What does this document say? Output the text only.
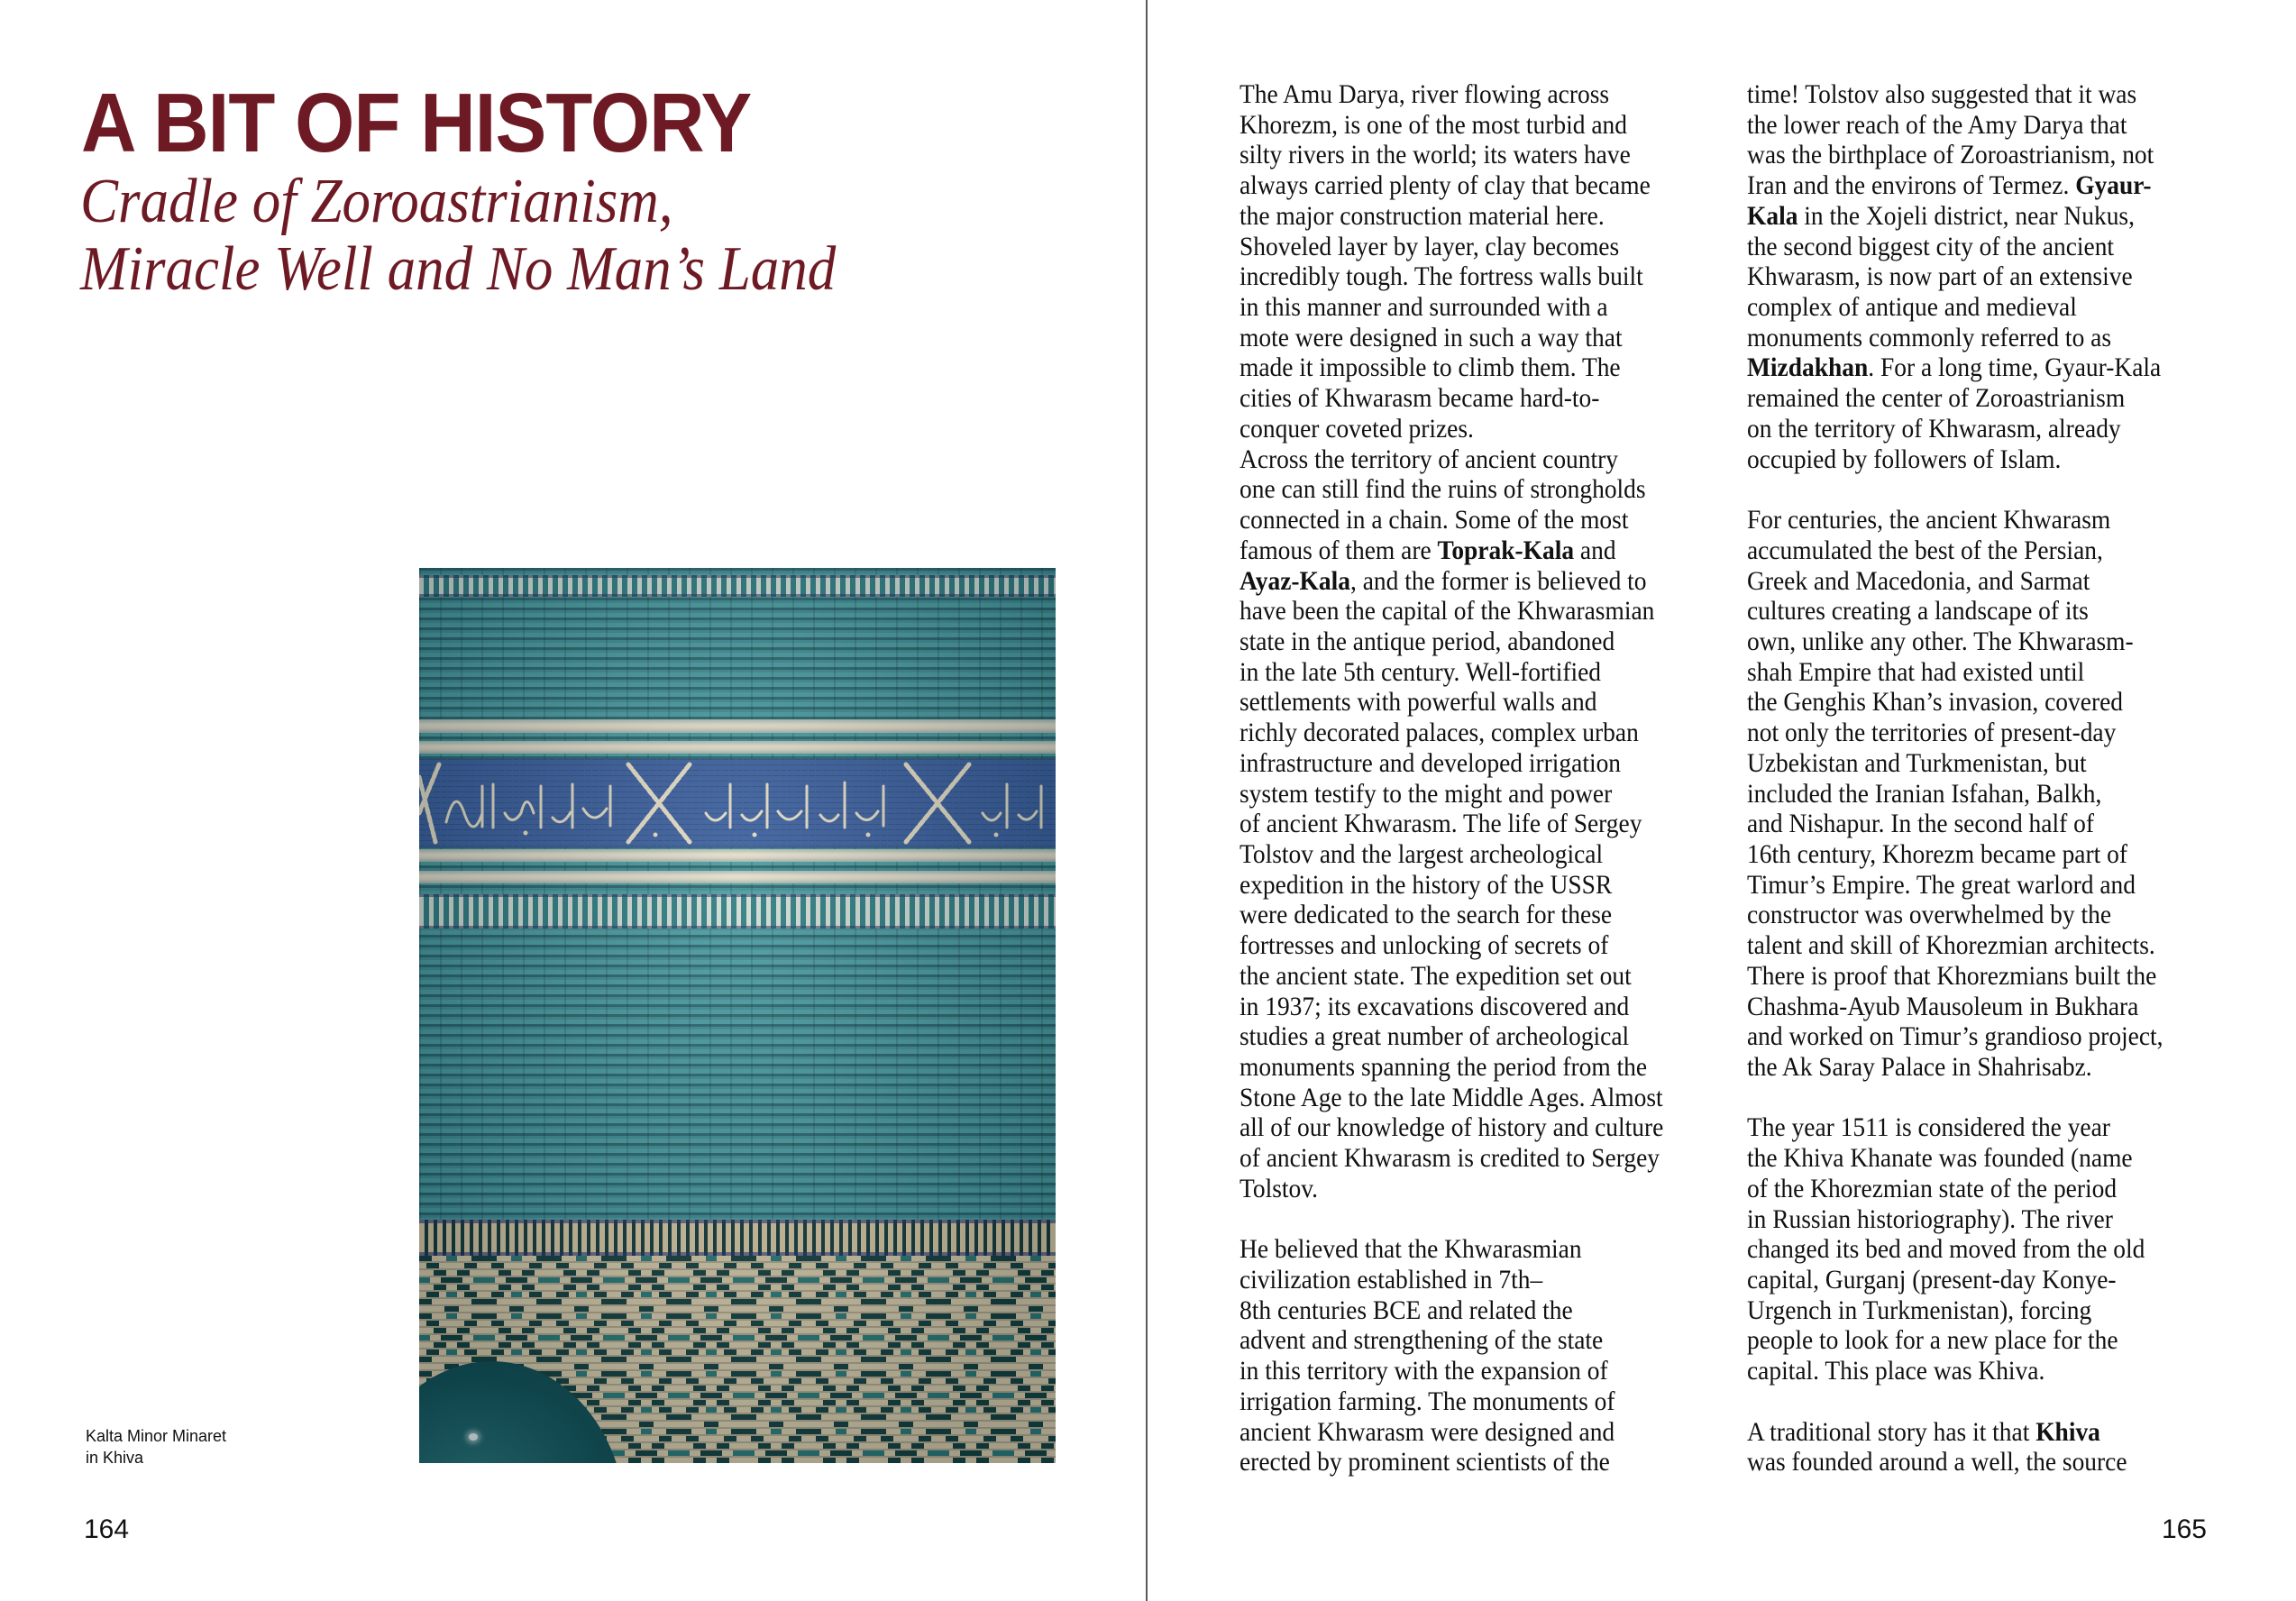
A BIT OF HISTORY
Cradle of Zoroastrianism,
Miracle Well and No Man’s Land
Kalta Minor Minaret
in Khiva
164
The Amu Darya, river flowing across
Khorezm, is one of the most turbid and
silty rivers in the world; its waters have
always carried plenty of clay that became
the major construction material here.
Shoveled layer by layer, clay becomes
incredibly tough. The fortress walls built
in this manner and surrounded with a
mote were designed in such a way that
made it impossible to climb them. The
cities of Khwarasm became hard-to-
conquer coveted prizes.
Across the territory of ancient country
one can still find the ruins of strongholds
connected in a chain. Some of the most
famous of them are Toprak-Kala and
Ayaz-Kala, and the former is believed to
have been the capital of the Khwarasmian
state in the antique period, abandoned
in the late 5th century. Well-fortified
settlements with powerful walls and
richly decorated palaces, complex urban
infrastructure and developed irrigation
system testify to the might and power
of ancient Khwarasm. The life of Sergey
Tolstov and the largest archeological
expedition in the history of the USSR
were dedicated to the search for these
fortresses and unlocking of secrets of
the ancient state. The expedition set out
in 1937; its excavations discovered and
studies a great number of archeological
monuments spanning the period from the
Stone Age to the late Middle Ages. Almost
all of our knowledge of history and culture
of ancient Khwarasm is credited to Sergey
Tolstov.
He believed that the Khwarasmian
civilization established in 7th–
8th centuries BCE and related the
advent and strengthening of the state
in this territory with the expansion of
irrigation farming. The monuments of
ancient Khwarasm were designed and
erected by prominent scientists of the
time! Tolstov also suggested that it was
the lower reach of the Amy Darya that
was the birthplace of Zoroastrianism, not
Iran and the environs of Termez. Gyaur-
Kala in the Xojeli district, near Nukus,
the second biggest city of the ancient
Khwarasm, is now part of an extensive
complex of antique and medieval
monuments commonly referred to as
Mizdakhan. For a long time, Gyaur-Kala
remained the center of Zoroastrianism
on the territory of Khwarasm, already
occupied by followers of Islam.
For centuries, the ancient Khwarasm
accumulated the best of the Persian,
Greek and Macedonia, and Sarmat
cultures creating a landscape of its
own, unlike any other. The Khwarasm-
shah Empire that had existed until
the Genghis Khan’s invasion, covered
not only the territories of present-day
Uzbekistan and Turkmenistan, but
included the Iranian Isfahan, Balkh,
and Nishapur. In the second half of
16th century, Khorezm became part of
Timur’s Empire. The great warlord and
constructor was overwhelmed by the
talent and skill of Khorezmian architects.
There is proof that Khorezmians built the
Chashma-Ayub Mausoleum in Bukhara
and worked on Timur’s grandioso project,
the Ak Saray Palace in Shahrisabz.
The year 1511 is considered the year
the Khiva Khanate was founded (name
of the Khorezmian state of the period
in Russian historiography). The river
changed its bed and moved from the old
capital, Gurganj (present-day Konye-
Urgench in Turkmenistan), forcing
people to look for a new place for the
capital. This place was Khiva.
A traditional story has it that Khiva
was founded around a well, the source
165
